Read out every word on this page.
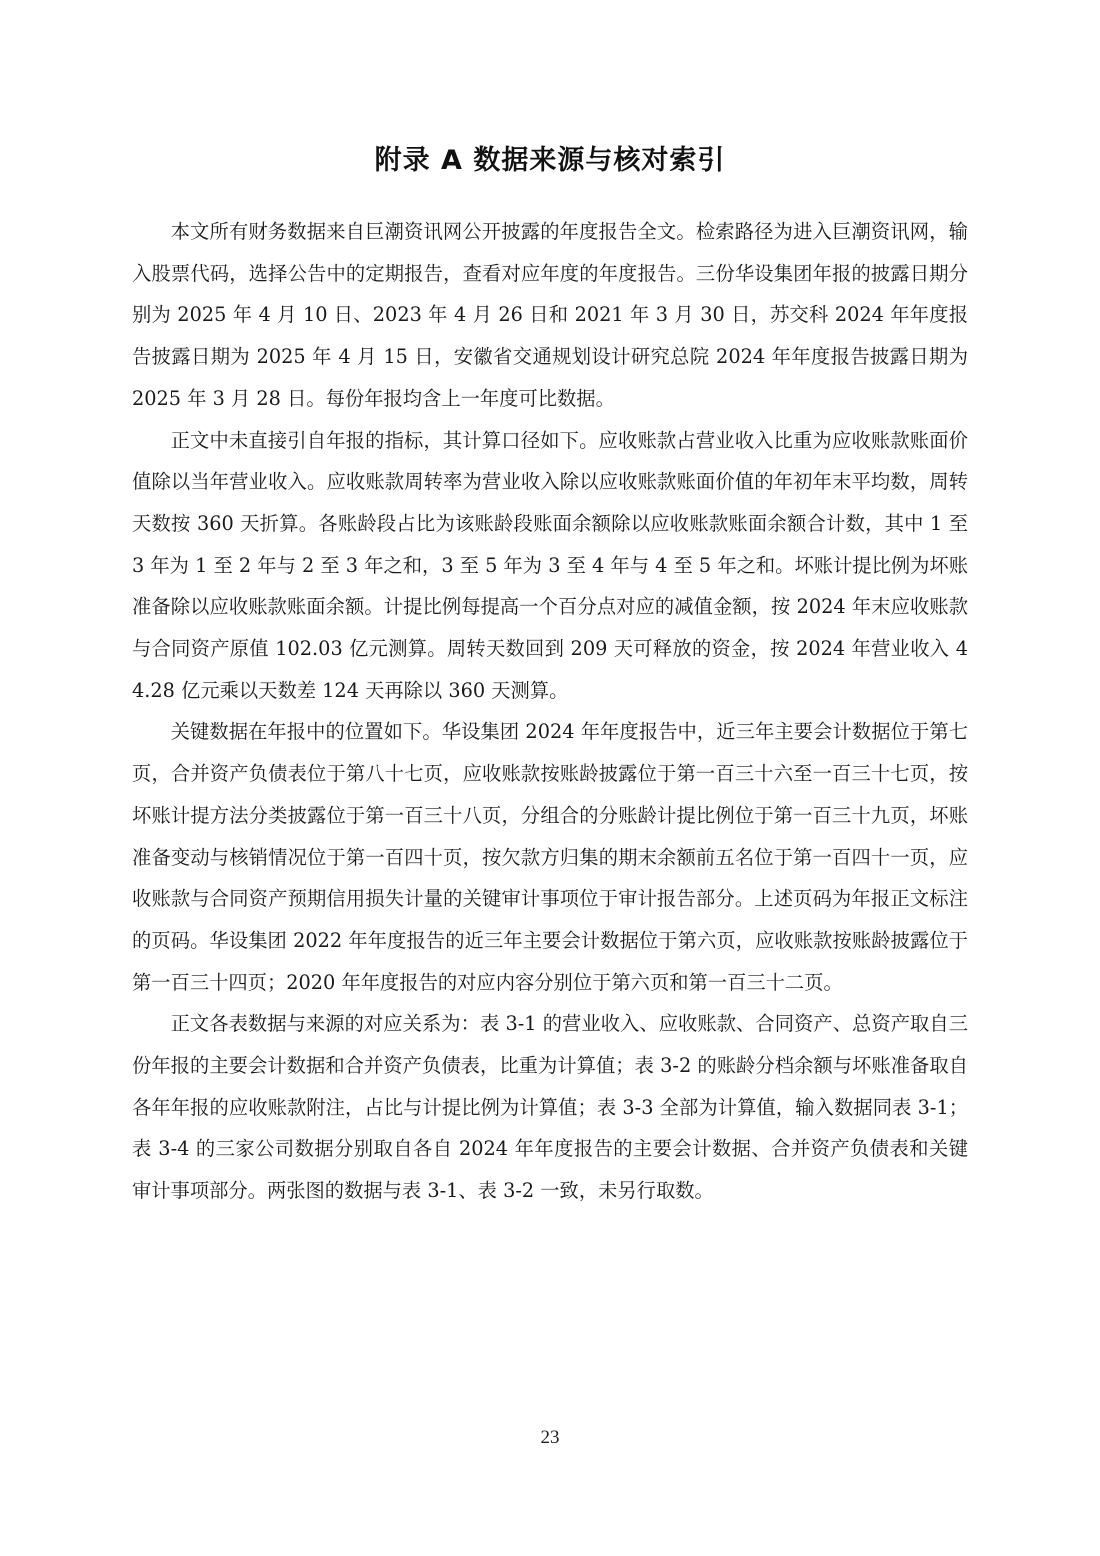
附录 A 数据来源与核对索引

本文所有财务数据来自巨潮资讯网公开披露的年度报告全文。检索路径为进入巨潮资讯网，输入股票代码，选择公告中的定期报告，查看对应年度的年度报告。三份华设集团年报的披露日期分别为 2025 年 4 月 10 日、2023 年 4 月 26 日和 2021 年 3 月 30 日，苏交科 2024 年年度报告披露日期为 2025 年 4 月 15 日，安徽省交通规划设计研究总院 2024 年年度报告披露日期为 2025 年 3 月 28 日。每份年报均含上一年度可比数据。

正文中未直接引自年报的指标，其计算口径如下。应收账款占营业收入比重为应收账款账面价值除以当年营业收入。应收账款周转率为营业收入除以应收账款账面价值的年初年末平均数，周转天数按 360 天折算。各账龄段占比为该账龄段账面余额除以应收账款账面余额合计数，其中 1 至 3 年为 1 至 2 年与 2 至 3 年之和，3 至 5 年为 3 至 4 年与 4 至 5 年之和。坏账计提比例为坏账准备除以应收账款账面余额。计提比例每提高一个百分点对应的减值金额，按 2024 年末应收账款与合同资产原值 102.03 亿元测算。周转天数回到 209 天可释放的资金，按 2024 年营业收入 44.28 亿元乘以天数差 124 天再除以 360 天测算。

关键数据在年报中的位置如下。华设集团 2024 年年度报告中，近三年主要会计数据位于第七页，合并资产负债表位于第八十七页，应收账款按账龄披露位于第一百三十六至一百三十七页，按坏账计提方法分类披露位于第一百三十八页，分组合的分账龄计提比例位于第一百三十九页，坏账准备变动与核销情况位于第一百四十页，按欠款方归集的期末余额前五名位于第一百四十一页，应收账款与合同资产预期信用损失计量的关键审计事项位于审计报告部分。上述页码为年报正文标注的页码。华设集团 2022 年年度报告的近三年主要会计数据位于第六页，应收账款按账龄披露位于第一百三十四页；2020 年年度报告的对应内容分别位于第六页和第一百三十二页。

正文各表数据与来源的对应关系为：表 3-1 的营业收入、应收账款、合同资产、总资产取自三份年报的主要会计数据和合并资产负债表，比重为计算值；表 3-2 的账龄分档余额与坏账准备取自各年年报的应收账款附注，占比与计提比例为计算值；表 3-3 全部为计算值，输入数据同表 3-1；表 3-4 的三家公司数据分别取自各自 2024 年年度报告的主要会计数据、合并资产负债表和关键审计事项部分。两张图的数据与表 3-1、表 3-2 一致，未另行取数。

23
